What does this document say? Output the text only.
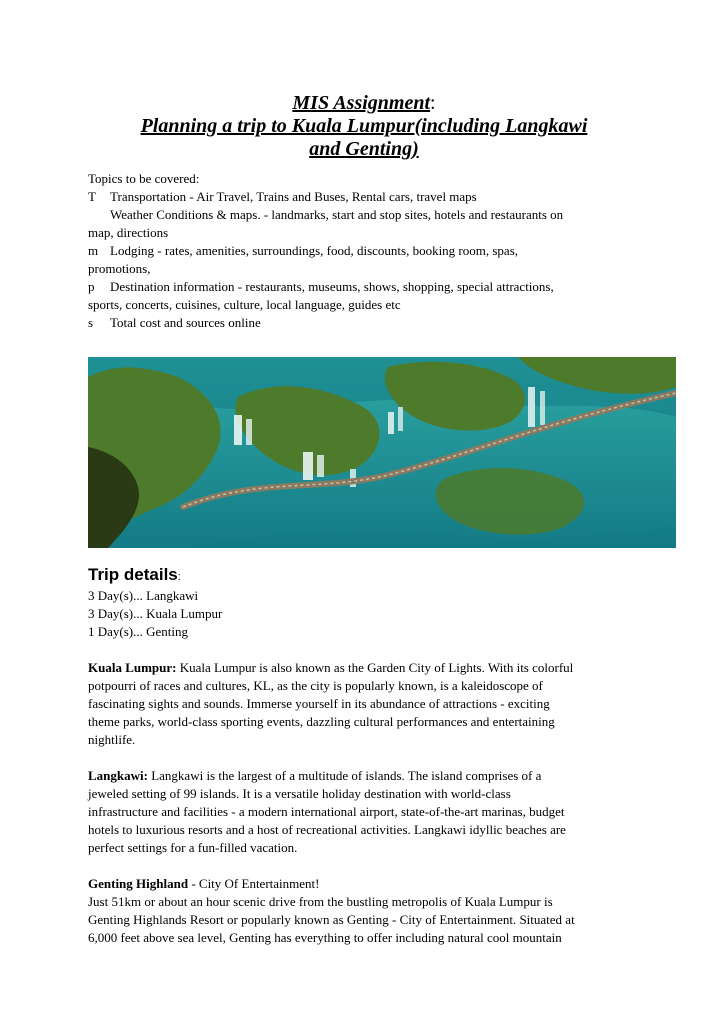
MIS Assignment:
Planning a trip to Kuala Lumpur(including Langkawi
and Genting)
Topics to be covered:
T Transportation - Air Travel, Trains and Buses, Rental cars, travel maps
Weather Conditions & maps. - landmarks, start and stop sites, hotels and restaurants on
map, directions
m Lodging - rates, amenities, surroundings, food, discounts, booking room, spas,
promotions,
p Destination information - restaurants, museums, shows, shopping, special attractions,
sports, concerts, cuisines, culture, local language, guides etc
s Total cost and sources online
Trip details:
3 Day(s)... Langkawi
3 Day(s)... Kuala Lumpur
1 Day(s)... Genting

Kuala Lumpur: Kuala Lumpur is also known as the Garden City of Lights. With its colorful

potpourri of races and cultures, KL, as the city is popularly known, is a kaleidoscope of

fascinating sights and sounds. Immerse yourself in its abundance of attractions - exciting

theme parks, world-class sporting events, dazzling cultural performances and entertaining

nightlife.

Langkawi: Langkawi is the largest of a multitude of islands. The island comprises of a

jeweled setting of 99 islands. It is a versatile holiday destination with world-class

infrastructure and facilities - a modern international airport, state-of-the-art marinas, budget

hotels to luxurious resorts and a host of recreational activities. Langkawi idyllic beaches are

perfect settings for a fun-filled vacation.

Genting Highland - City Of Entertainment!

Just 51km or about an hour scenic drive from the bustling metropolis of Kuala Lumpur is

Genting Highlands Resort or popularly known as Genting - City of Entertainment. Situated at

6,000 feet above sea level, Genting has everything to offer including natural cool mountain
